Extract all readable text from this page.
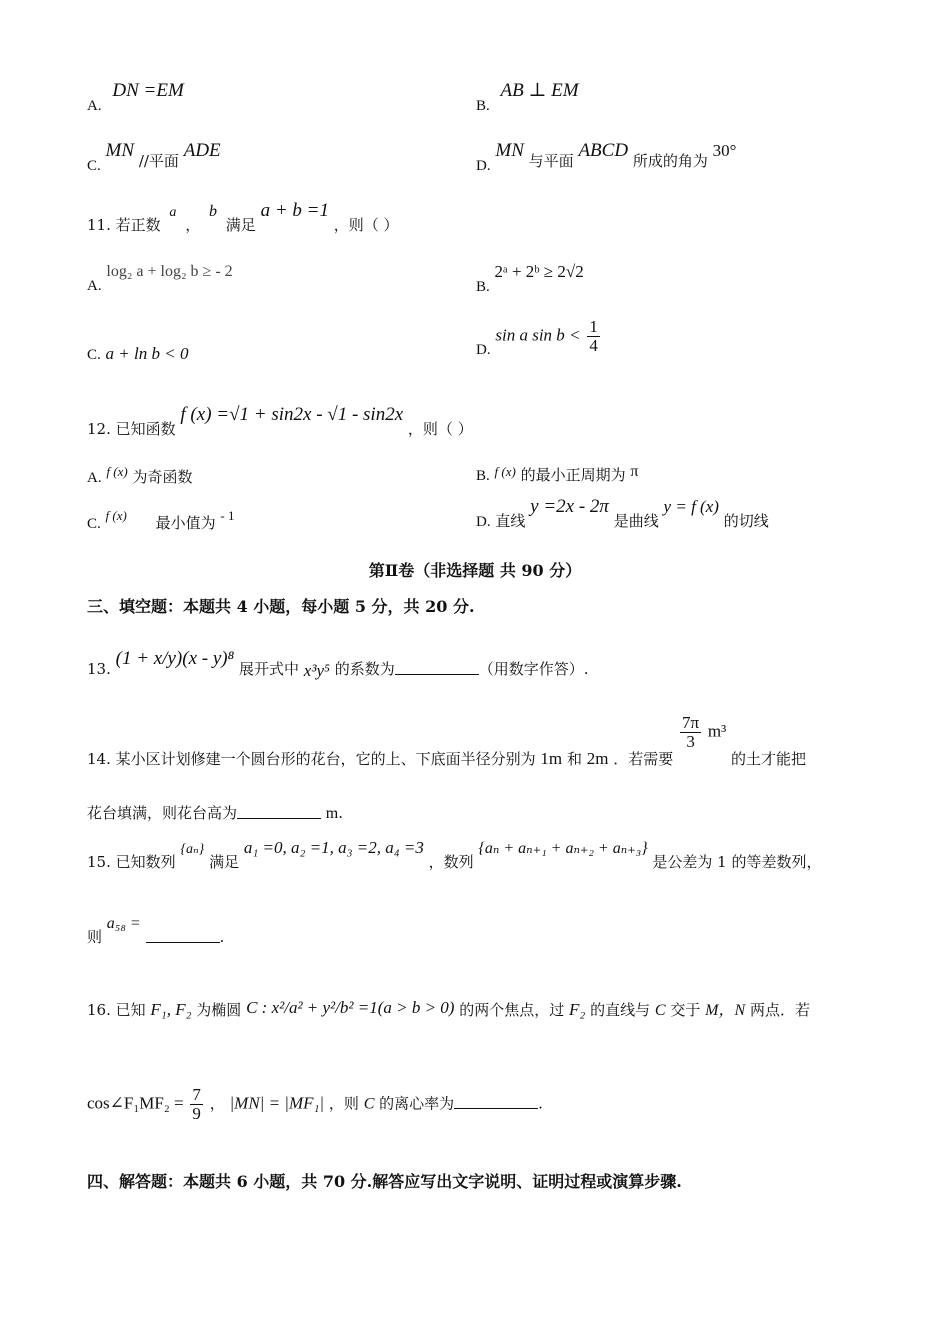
A. DN =EM
B. AB ⊥ EM
C. MN //平面 ADE
D. MN 与平面 ABCD 所成的角为 30°
11. 若正数 a ， b 满足 a + b =1 ，则（ ）
A. log₂ a + log₂ b ≥ - 2
B. 2ᵃ + 2ᵇ ≥ 2√2
C. a + ln b < 0	D. sin a $\sin b < \frac{1}{4}$
12. 已知函数 f (x) =√1 + sin2x - √1 - sin2x ，则（ ）
A. f (x) 为奇函数	B. f (x) 的最小正周期为 π
C. f (x) 最小值为 - 1	D. 直线 y =2x - 2π 是曲线 y = f (x) 的切线
第Ⅱ卷（非选择题 共 90 分）
三、填空题：本题共 4 小题，每小题 5 分，共 20 分.
13. (1 + x/y)(x - y)⁸ 展开式中 x³y⁵ 的系数为	（用数字作答）.
14. 某小区计划修建一个圆台形的花台，它的上、下底面半径分别为 1m 和 2m ．若需要
$\frac{7\pi}{3} m^3$ 的土才能把
花台填满，则花台高为	m.
15. 已知数列 {aₙ} 满足 a₁ =0, a₂ =1, a₃ =2, a₄ =3 ，数列 {aₙ + aₙ₊₁ + aₙ₊₂ + aₙ₊₃} 是公差为 1 的等差数列，
则 a₅₈ = .
16. 已知 F₁, F₂ 为椭圆 C : x²/a² + y²/b² =1(a > b > 0) 的两个焦点，过 F₂ 的直线与 C 交于 M，N 两点．若
cos∠F₁MF₂ = $\frac{7}{9}$ ， |MN| = |MF₁| ，则 C 的离心率为	.
四、解答题：本题共 6 小题，共 70 分.解答应写出文字说明、证明过程或演算步骤.
